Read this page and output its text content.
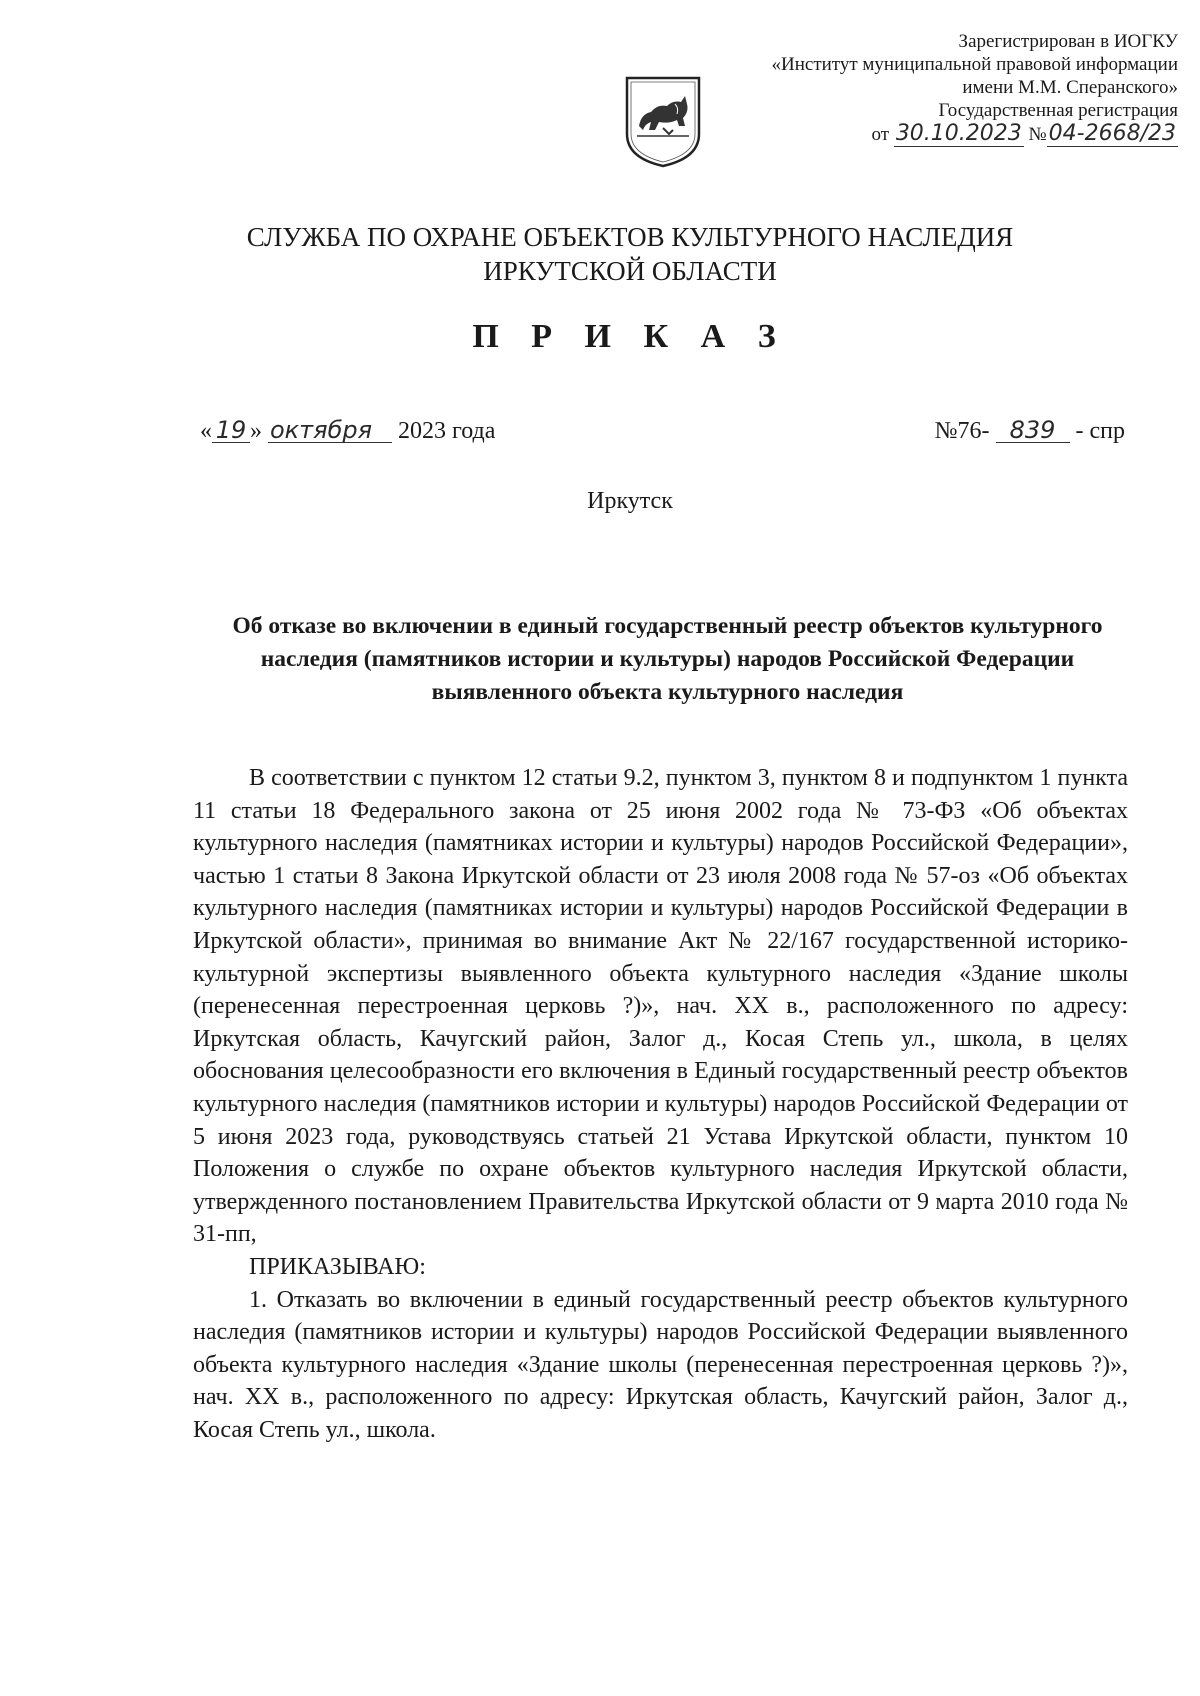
Зарегистрирован в ИОГКУ
«Институт муниципальной правовой информации
имени М.М. Сперанского»
Государственная регистрация
от 30.10.2023 №04-2668/23
СЛУЖБА ПО ОХРАНЕ ОБЪЕКТОВ КУЛЬТУРНОГО НАСЛЕДИЯ
ИРКУТСКОЙ ОБЛАСТИ
П Р И К А З
« 19 » октября 2023 года	№76- 839 - спр
Иркутск
Об отказе во включении в единый государственный реестр объектов культурного наследия (памятников истории и культуры) народов Российской Федерации выявленного объекта культурного наследия

В соответствии с пунктом 12 статьи 9.2, пунктом 3, пунктом 8 и подпунктом 1 пункта 11 статьи 18 Федерального закона от 25 июня 2002 года № 73-ФЗ «Об объектах культурного наследия (памятниках истории и культуры) народов Российской Федерации», частью 1 статьи 8 Закона Иркутской области от 23 июля 2008 года № 57-оз «Об объектах культурного наследия (памятниках истории и культуры) народов Российской Федерации в Иркутской области», принимая во внимание Акт № 22/167 государственной историко-культурной экспертизы выявленного объекта культурного наследия «Здание школы (перенесенная перестроенная церковь ?)», нач. XX в., расположенного по адресу: Иркутская область, Качугский район, Залог д., Косая Степь ул., школа, в целях обоснования целесообразности его включения в Единый государственный реестр объектов культурного наследия (памятников истории и культуры) народов Российской Федерации от 5 июня 2023 года, руководствуясь статьей 21 Устава Иркутской области, пунктом 10 Положения о службе по охране объектов культурного наследия Иркутской области, утвержденного постановлением Правительства Иркутской области от 9 марта 2010 года № 31-пп,

ПРИКАЗЫВАЮ:

1. Отказать во включении в единый государственный реестр объектов культурного наследия (памятников истории и культуры) народов Российской Федерации выявленного объекта культурного наследия «Здание школы (перенесенная перестроенная церковь ?)», нач. XX в., расположенного по адресу: Иркутская область, Качугский район, Залог д., Косая Степь ул., школа.
